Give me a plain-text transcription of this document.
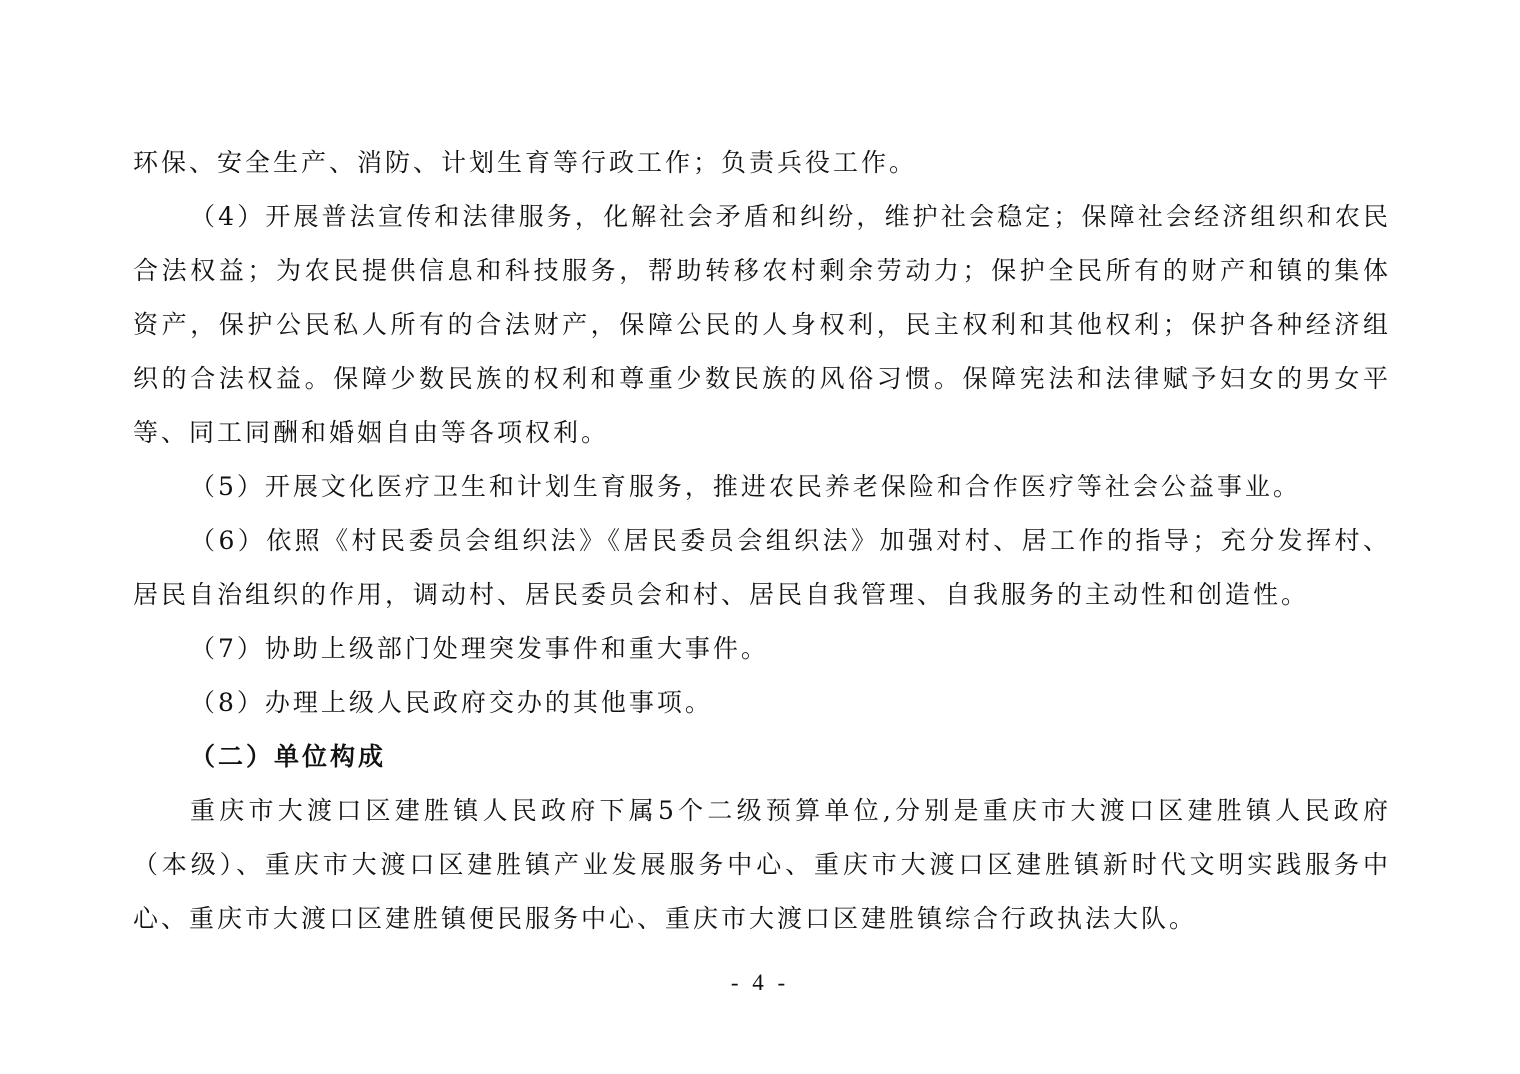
环保、安全生产、消防、计划生育等行政工作；负责兵役工作。

（4）开展普法宣传和法律服务，化解社会矛盾和纠纷，维护社会稳定；保障社会经济组织和农民合法权益；为农民提供信息和科技服务，帮助转移农村剩余劳动力；保护全民所有的财产和镇的集体资产，保护公民私人所有的合法财产，保障公民的人身权利，民主权利和其他权利；保护各种经济组织的合法权益。保障少数民族的权利和尊重少数民族的风俗习惯。保障宪法和法律赋予妇女的男女平等、同工同酬和婚姻自由等各项权利。

（5）开展文化医疗卫生和计划生育服务，推进农民养老保险和合作医疗等社会公益事业。

（6）依照《村民委员会组织法》《居民委员会组织法》加强对村、居工作的指导；充分发挥村、居民自治组织的作用，调动村、居民委员会和村、居民自我管理、自我服务的主动性和创造性。

（7）协助上级部门处理突发事件和重大事件。

（8）办理上级人民政府交办的其他事项。

（二）单位构成

重庆市大渡口区建胜镇人民政府下属5个二级预算单位,分别是重庆市大渡口区建胜镇人民政府（本级）、重庆市大渡口区建胜镇产业发展服务中心、重庆市大渡口区建胜镇新时代文明实践服务中心、重庆市大渡口区建胜镇便民服务中心、重庆市大渡口区建胜镇综合行政执法大队。

- 4 -
